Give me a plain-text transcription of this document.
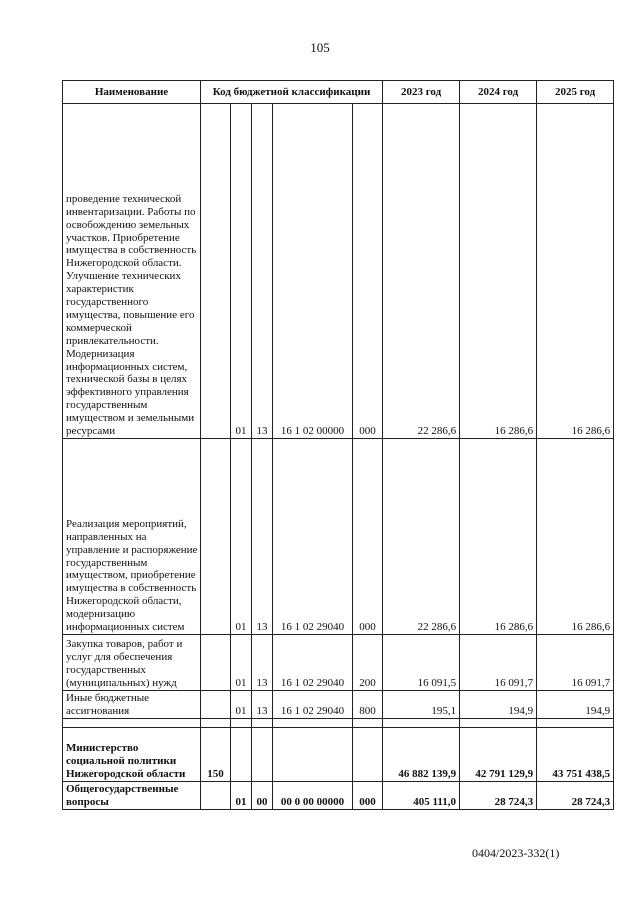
105
Наименование	Код бюджетной классификации					2023 год	2024 год	2025 год
проведение технической инвентаризации. Работы по освобождению земельных участков. Приобретение имущества в собственность Нижегородской области. Улучшение технических характеристик государственного имущества, повышение его коммерческой привлекательности. Модернизация информационных систем, технической базы в целях эффективного управления государственным имуществом и земельными ресурсами		01	13	16 1 02 00000	000	22 286,6	16 286,6	16 286,6
Реализация мероприятий, направленных на управление и распоряжение государственным имуществом, приобретение имущества в собственность Нижегородской области, модернизацию информационных систем		01	13	16 1 02 29040	000	22 286,6	16 286,6	16 286,6
Закупка товаров, работ и услуг для обеспечения государственных (муниципальных) нужд		01	13	16 1 02 29040	200	16 091,5	16 091,7	16 091,7
Иные бюджетные ассигнования		01	13	16 1 02 29040	800	195,1	194,9	194,9

Министерство социальной политики Нижегородской области	150					46 882 139,9	42 791 129,9	43 751 438,5
Общегосударственные вопросы		01	00	00 0 00 00000	000	405 111,0	28 724,3	28 724,3
0404/2023-332(1)
